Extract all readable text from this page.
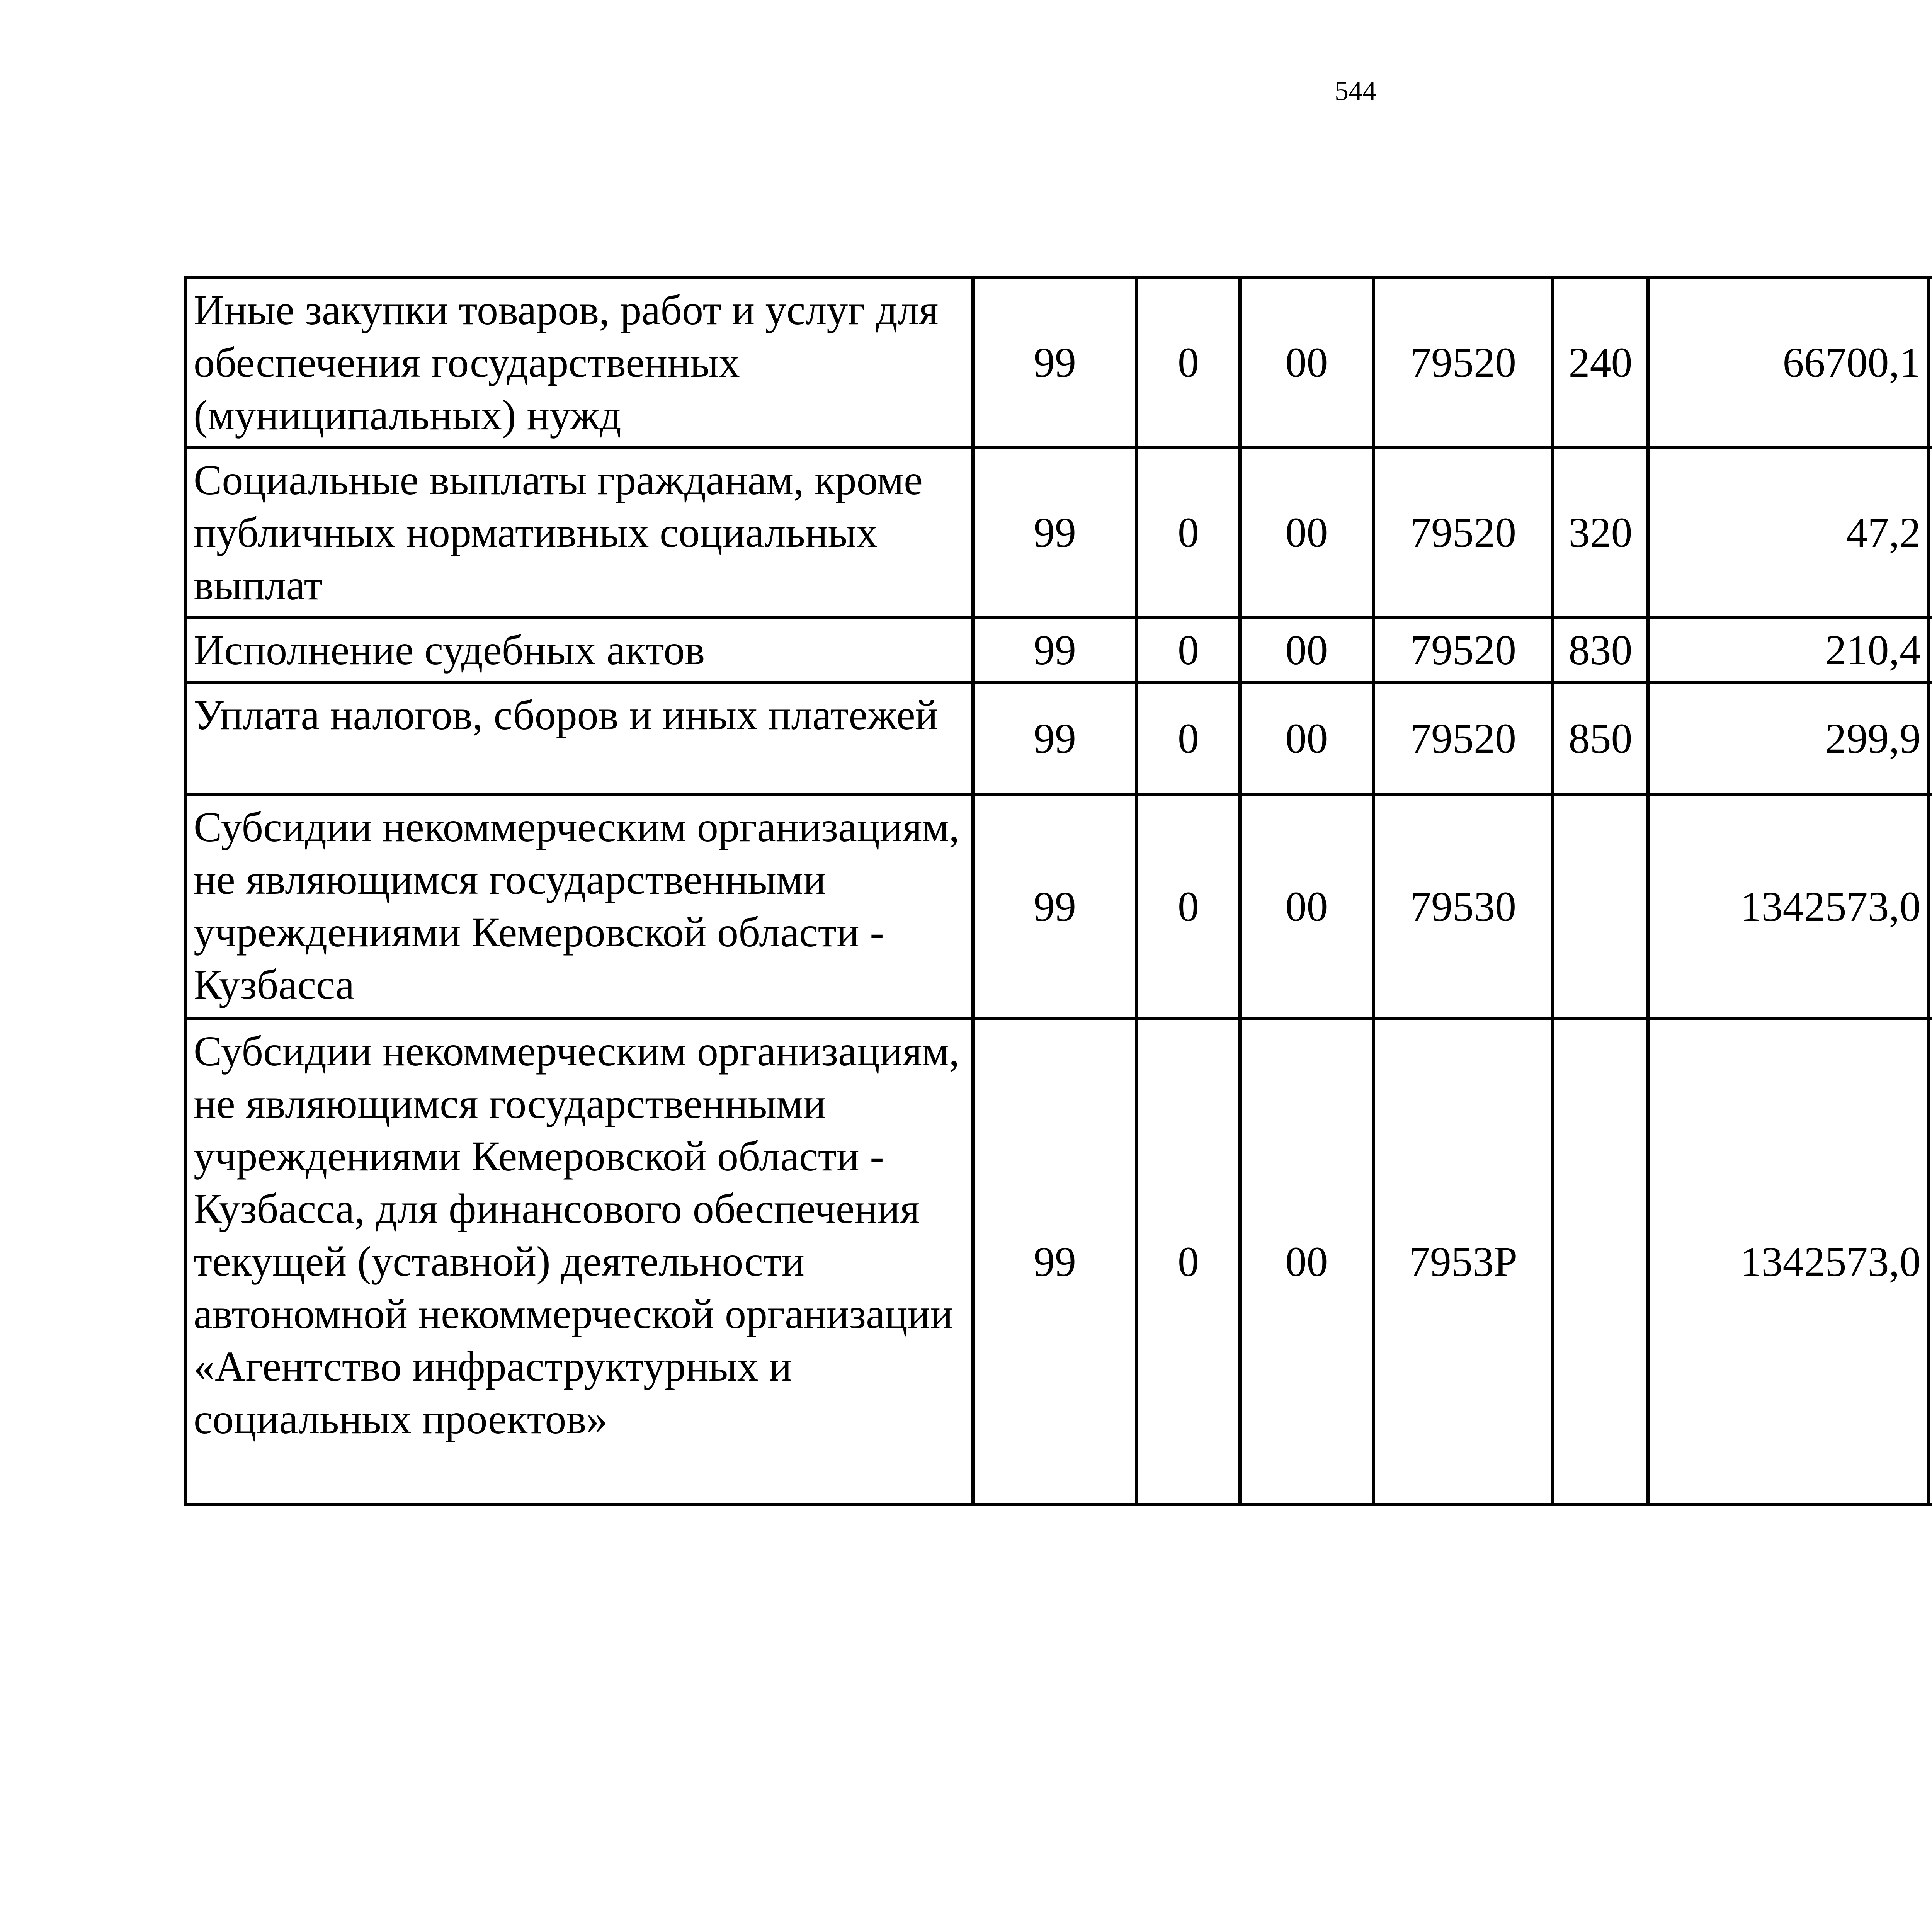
544
Иные закупки товаров, работ и услуг для обеспечения государственных (муниципальных) нужд	99	0	00	79520	240	66700,1		
Социальные выплаты гражданам, кроме публичных нормативных социальных выплат	99	0	00	79520	320	47,2		
Исполнение судебных актов	99	0	00	79520	830	210,4		
Уплата налогов, сборов и иных платежей	99	0	00	79520	850	299,9		
Субсидии некоммерческим организациям, не являющимся государственными учреждениями Кемеровской области - Кузбасса	99	0	00	79530		1342573,0		
Субсидии некоммерческим организациям, не являющимся государственными учреждениями Кемеровской области - Кузбасса, для финансового обеспечения текущей (уставной) деятельности автономной некоммерческой организации «Агентство инфраструктурных и социальных проектов»	99	0	00	7953Р		1342573,0		
